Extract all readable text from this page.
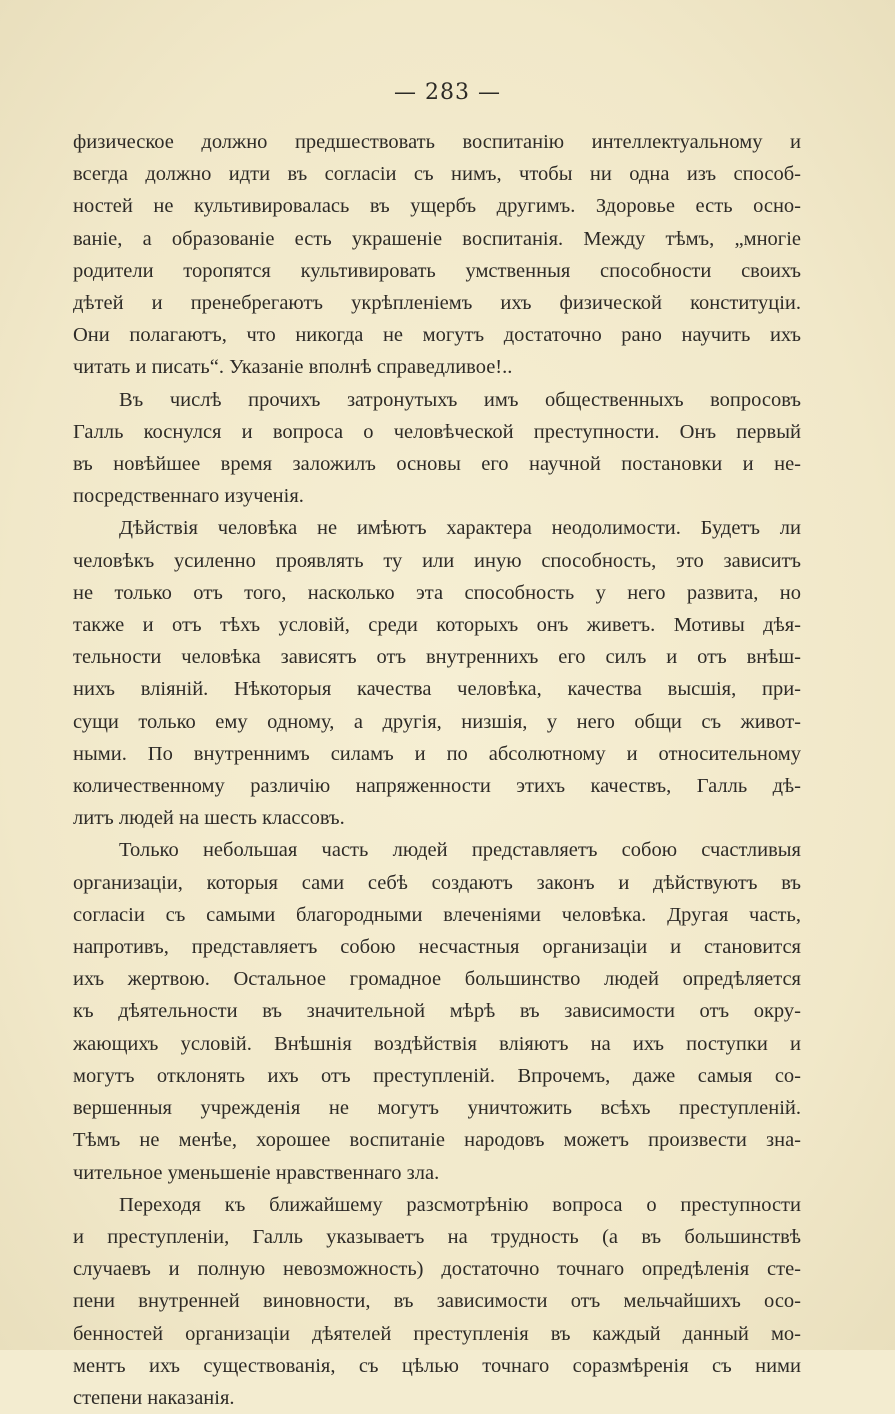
— 283 —

физическое должно предшествовать воспитанію интеллектуальному и
всегда должно идти въ согласіи съ нимъ, чтобы ни одна изъ способ-
ностей не культивировалась въ ущербъ другимъ. Здоровье есть осно-
ваніе, а образованіе есть украшеніе воспитанія. Между тѣмъ, „многіе
родители торопятся культивировать умственныя способности своихъ
дѣтей и пренебрегаютъ укрѣпленіемъ ихъ физической конституціи.
Они полагаютъ, что никогда не могутъ достаточно рано научить ихъ
читать и писать“. Указаніе вполнѣ справедливое!..

Въ числѣ прочихъ затронутыхъ имъ общественныхъ вопросовъ
Галль коснулся и вопроса о человѣческой преступности. Онъ первый
въ новѣйшее время заложилъ основы его научной постановки и не-
посредственнаго изученія.

Дѣйствія человѣка не имѣютъ характера неодолимости. Будетъ ли
человѣкъ усиленно проявлять ту или иную способность, это зависитъ
не только отъ того, насколько эта способность у него развита, но
также и отъ тѣхъ условій, среди которыхъ онъ живетъ. Мотивы дѣя-
тельности человѣка зависятъ отъ внутреннихъ его силъ и отъ внѣш-
нихъ вліяній. Нѣкоторыя качества человѣка, качества высшія, при-
сущи только ему одному, а другія, низшія, у него общи съ живот-
ными. По внутреннимъ силамъ и по абсолютному и относительному
количественному различію напряженности этихъ качествъ, Галль дѣ-
литъ людей на шесть классовъ.

Только небольшая часть людей представляетъ собою счастливыя
организаціи, которыя сами себѣ создаютъ законъ и дѣйствуютъ въ
согласіи съ самыми благородными влеченіями человѣка. Другая часть,
напротивъ, представляетъ собою несчастныя организаціи и становится
ихъ жертвою. Остальное громадное большинство людей опредѣляется
къ дѣятельности въ значительной мѣрѣ въ зависимости отъ окру-
жающихъ условій. Внѣшнія воздѣйствія вліяютъ на ихъ поступки и
могутъ отклонять ихъ отъ преступленій. Впрочемъ, даже самыя со-
вершенныя учрежденія не могутъ уничтожить всѣхъ преступленій.
Тѣмъ не менѣе, хорошее воспитаніе народовъ можетъ произвести зна-
чительное уменьшеніе нравственнаго зла.

Переходя къ ближайшему разсмотрѣнію вопроса о преступности
и преступленіи, Галль указываетъ на трудность (а въ большинствѣ
случаевъ и полную невозможность) достаточно точнаго опредѣленія сте-
пени внутренней виновности, въ зависимости отъ мельчайшихъ осо-
бенностей организаціи дѣятелей преступленія въ каждый данный мо-
ментъ ихъ существованія, съ цѣлью точнаго соразмѣренія съ ними
степени наказанія.
